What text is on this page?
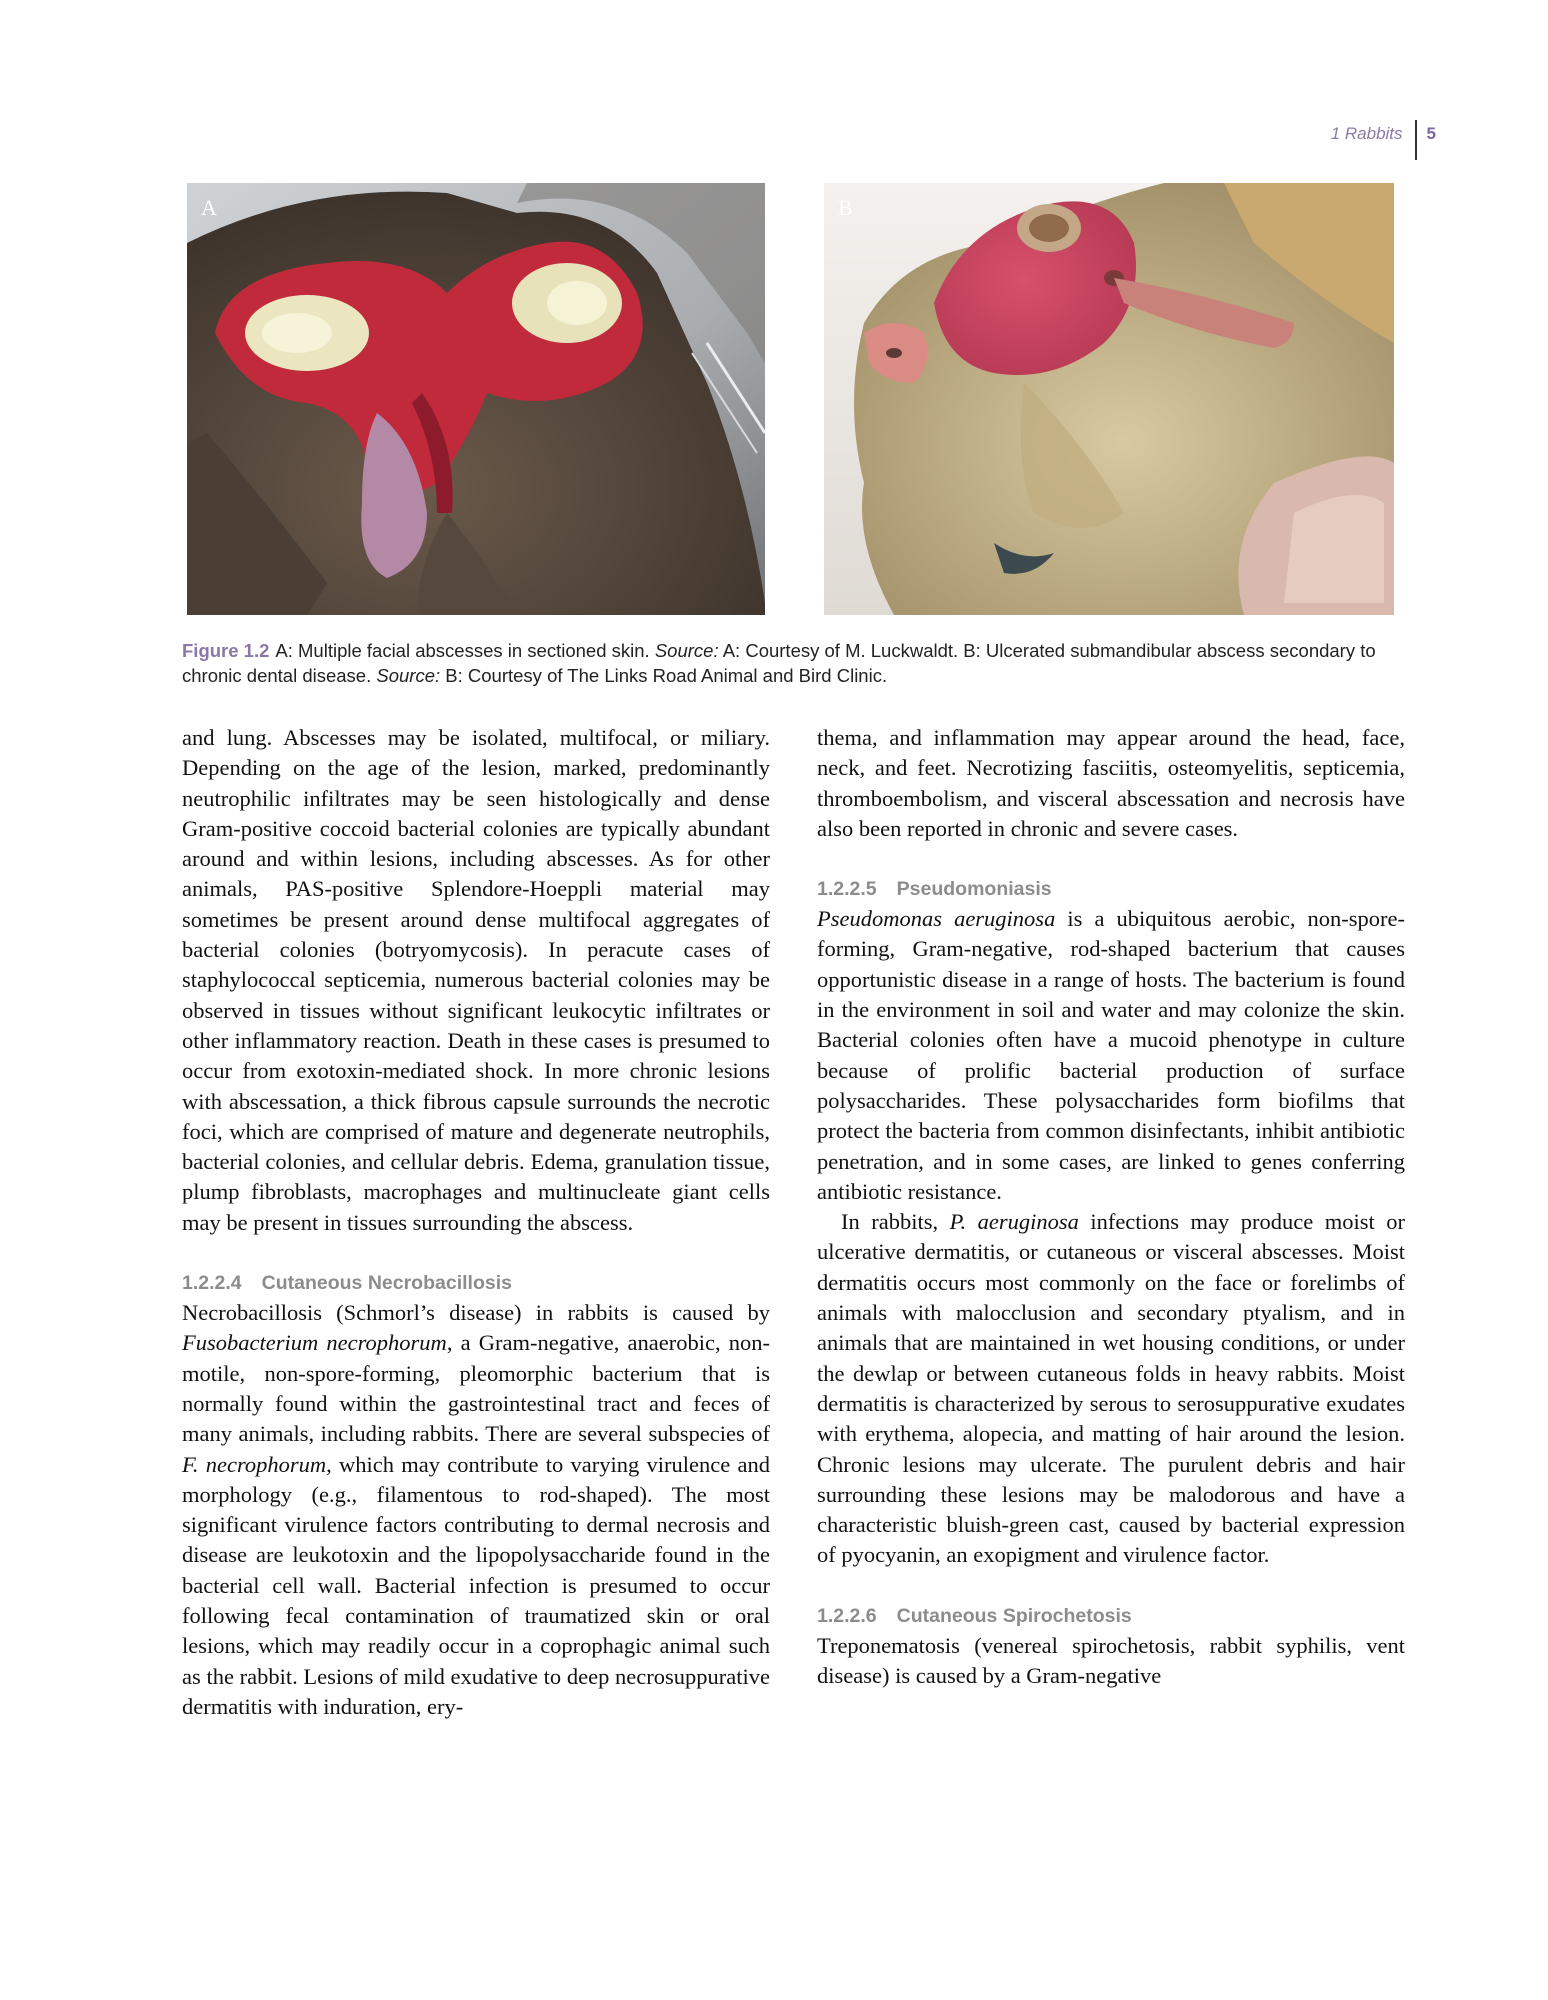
1 Rabbits	5
A	B
Figure 1.2 A: Multiple facial abscesses in sectioned skin. Source: A: Courtesy of M. Luckwaldt. B: Ulcerated submandibular abscess secondary to chronic dental disease. Source: B: Courtesy of The Links Road Animal and Bird Clinic.

and lung. Abscesses may be isolated, multifocal, or miliary. Depending on the age of the lesion, marked, predominantly neutrophilic infiltrates may be seen histologically and dense Gram-positive coccoid bacterial colonies are typically abundant around and within lesions, including abscesses. As for other animals, PAS-positive Splendore-Hoeppli material may sometimes be present around dense multifocal aggregates of bacterial colonies (botryomycosis). In peracute cases of staphylococcal septicemia, numerous bacterial colonies may be observed in tissues without significant leukocytic infiltrates or other inflammatory reaction. Death in these cases is presumed to occur from exotoxin-mediated shock. In more chronic lesions with abscessation, a thick fibrous capsule surrounds the necrotic foci, which are comprised of mature and degenerate neutrophils, bacterial colonies, and cellular debris. Edema, granulation tissue, plump fibroblasts, macrophages and multinucleate giant cells may be present in tissues surrounding the abscess.

1.2.2.4 Cutaneous Necrobacillosis

Necrobacillosis (Schmorl’s disease) in rabbits is caused by Fusobacterium necrophorum, a Gram-negative, anaerobic, non-motile, non-spore-forming, pleomorphic bacterium that is normally found within the gastrointestinal tract and feces of many animals, including rabbits. There are several subspecies of F. necrophorum, which may contribute to varying virulence and morphology (e.g., filamentous to rod-shaped). The most significant virulence factors contributing to dermal necrosis and disease are leukotoxin and the lipopolysaccharide found in the bacterial cell wall. Bacterial infection is presumed to occur following fecal contamination of traumatized skin or oral lesions, which may readily occur in a coprophagic animal such as the rabbit. Lesions of mild exudative to deep necrosuppurative dermatitis with induration, ery-

thema, and inflammation may appear around the head, face, neck, and feet. Necrotizing fasciitis, osteomyelitis, septicemia, thromboembolism, and visceral abscessation and necrosis have also been reported in chronic and severe cases.

1.2.2.5 Pseudomoniasis

Pseudomonas aeruginosa is a ubiquitous aerobic, non-spore-forming, Gram-negative, rod-shaped bacterium that causes opportunistic disease in a range of hosts. The bacterium is found in the environment in soil and water and may colonize the skin. Bacterial colonies often have a mucoid phenotype in culture because of prolific bacterial production of surface polysaccharides. These polysaccharides form biofilms that protect the bacteria from common disinfectants, inhibit antibiotic penetration, and in some cases, are linked to genes conferring antibiotic resistance.

In rabbits, P. aeruginosa infections may produce moist or ulcerative dermatitis, or cutaneous or visceral abscesses. Moist dermatitis occurs most commonly on the face or forelimbs of animals with malocclusion and secondary ptyalism, and in animals that are maintained in wet housing conditions, or under the dewlap or between cutaneous folds in heavy rabbits. Moist dermatitis is characterized by serous to serosuppurative exudates with erythema, alopecia, and matting of hair around the lesion. Chronic lesions may ulcerate. The purulent debris and hair surrounding these lesions may be malodorous and have a characteristic bluish-green cast, caused by bacterial expression of pyocyanin, an exopigment and virulence factor.

1.2.2.6 Cutaneous Spirochetosis

Treponematosis (venereal spirochetosis, rabbit syphilis, vent disease) is caused by a Gram-negative
